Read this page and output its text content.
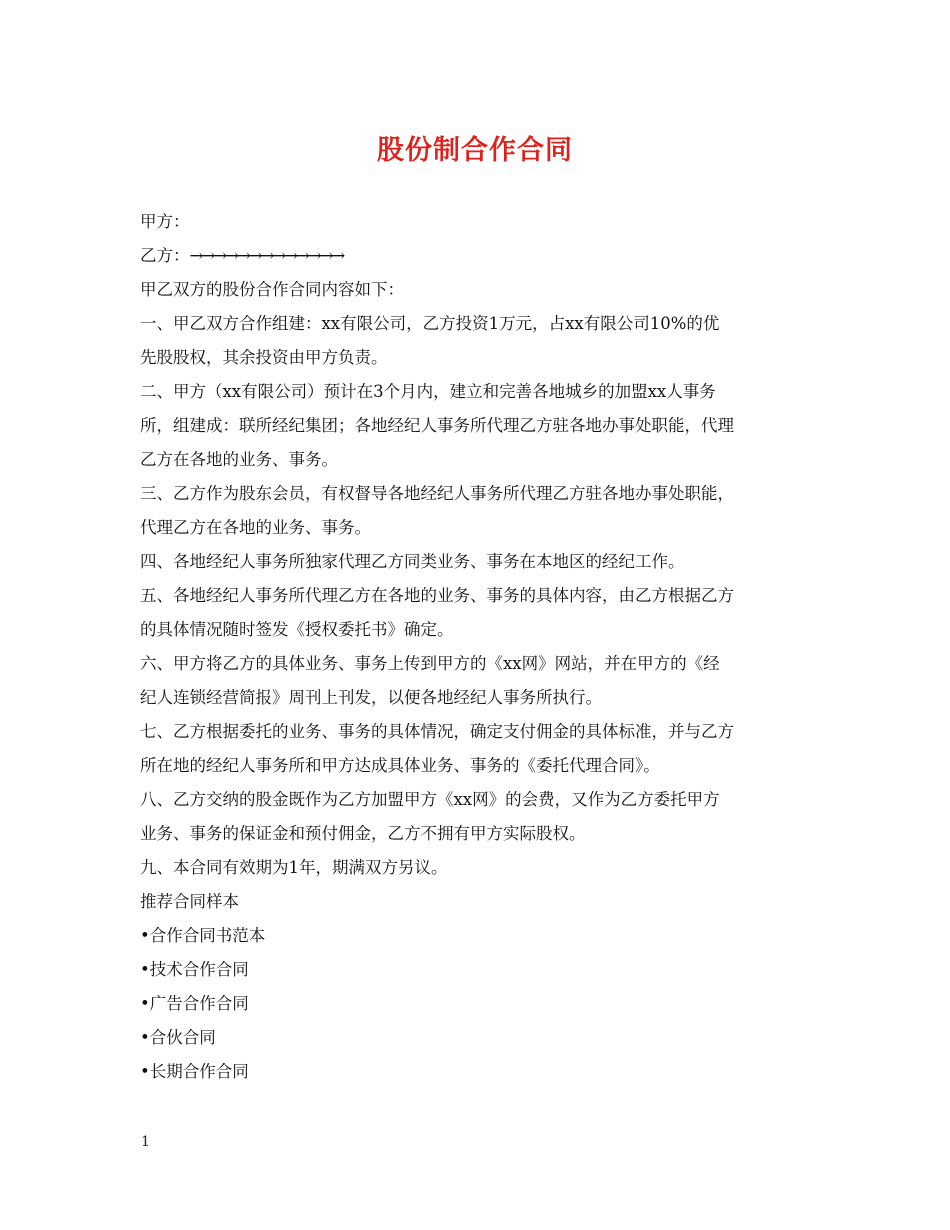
股份制合作合同
甲方：
乙方：→→→→→→→→→→→→→
甲乙双方的股份合作合同内容如下：
一、甲乙双方合作组建：xx有限公司，乙方投资1万元，占xx有限公司10%的优
先股股权，其余投资由甲方负责。
二、甲方（xx有限公司）预计在3个月内，建立和完善各地城乡的加盟xx人事务
所，组建成：联所经纪集团；各地经纪人事务所代理乙方驻各地办事处职能，代理
乙方在各地的业务、事务。
三、乙方作为股东会员，有权督导各地经纪人事务所代理乙方驻各地办事处职能，
代理乙方在各地的业务、事务。
四、各地经纪人事务所独家代理乙方同类业务、事务在本地区的经纪工作。
五、各地经纪人事务所代理乙方在各地的业务、事务的具体内容，由乙方根据乙方
的具体情况随时签发《授权委托书》确定。
六、甲方将乙方的具体业务、事务上传到甲方的《xx网》网站，并在甲方的《经
纪人连锁经营简报》周刊上刊发，以便各地经纪人事务所执行。
七、乙方根据委托的业务、事务的具体情况，确定支付佣金的具体标准，并与乙方
所在地的经纪人事务所和甲方达成具体业务、事务的《委托代理合同》。
八、乙方交纳的股金既作为乙方加盟甲方《xx网》的会费，又作为乙方委托甲方
业务、事务的保证金和预付佣金，乙方不拥有甲方实际股权。
九、本合同有效期为1年，期满双方另议。
推荐合同样本
•合作合同书范本
•技术合作合同
•广告合作合同
•合伙合同
•长期合作合同
1
